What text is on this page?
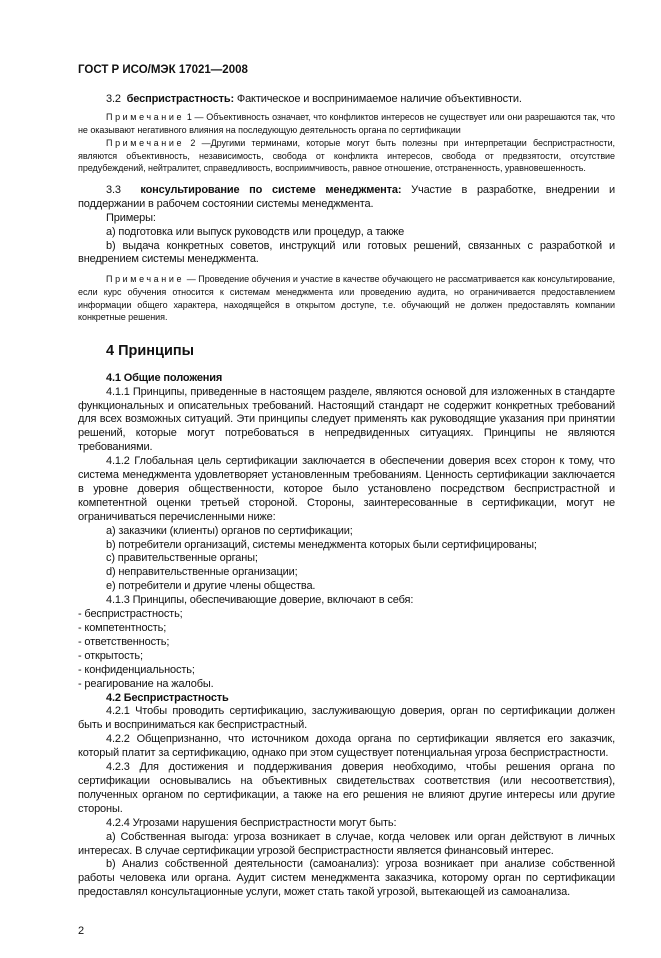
ГОСТ Р ИСО/МЭК 17021—2008

3.2 беспристрастность: Фактическое и воспринимаемое наличие объективности.

Примечание 1 — Объективность означает, что конфликтов интересов не существует или они разрешаются так, что не оказывают негативного влияния на последующую деятельность органа по сертификации

Примечание 2 —Другими терминами, которые могут быть полезны при интерпретации беспристрастности, являются объективность, независимость, свобода от конфликта интересов, свобода от предвзятости, отсутствие предубеждений, нейтралитет, справедливость, восприимчивость, равное отношение, отстраненность, уравновешенность.

3.3 консультирование по системе менеджмента: Участие в разработке, внедрении и поддержании в рабочем состоянии системы менеджмента.

Примеры:

a) подготовка или выпуск руководств или процедур, а также

b) выдача конкретных советов, инструкций или готовых решений, связанных с разработкой и внедрением системы менеджмента.

Примечание — Проведение обучения и участие в качестве обучающего не рассматривается как консультирование, если курс обучения относится к системам менеджмента или проведению аудита, но ограничивается предоставлением информации общего характера, находящейся в открытом доступе, т.е. обучающий не должен предоставлять компании конкретные решения.

4 Принципы

4.1 Общие положения

4.1.1 Принципы, приведенные в настоящем разделе, являются основой для изложенных в стандарте функциональных и описательных требований. Настоящий стандарт не содержит конкретных требований для всех возможных ситуаций. Эти принципы следует применять как руководящие указания при принятии решений, которые могут потребоваться в непредвиденных ситуациях. Принципы не являются требованиями.

4.1.2 Глобальная цель сертификации заключается в обеспечении доверия всех сторон к тому, что система менеджмента удовлетворяет установленным требованиям. Ценность сертификации заключается в уровне доверия общественности, которое было установлено посредством беспристрастной и компетентной оценки третьей стороной. Стороны, заинтересованные в сертификации, могут не ограничиваться перечисленными ниже:

a) заказчики (клиенты) органов по сертификации;

b) потребители организаций, системы менеджмента которых были сертифицированы;

c) правительственные органы;

d) неправительственные организации;

e) потребители и другие члены общества.

4.1.3 Принципы, обеспечивающие доверие, включают в себя:

- беспристрастность;

- компетентность;

- ответственность;

- открытость;

- конфиденциальность;

- реагирование на жалобы.

4.2 Беспристрастность

4.2.1 Чтобы проводить сертификацию, заслуживающую доверия, орган по сертификации должен быть и восприниматься как беспристрастный.

4.2.2 Общепризнанно, что источником дохода органа по сертификации является его заказчик, который платит за сертификацию, однако при этом существует потенциальная угроза беспристрастности.

4.2.3 Для достижения и поддерживания доверия необходимо, чтобы решения органа по сертификации основывались на объективных свидетельствах соответствия (или несоответствия), полученных органом по сертификации, а также на его решения не влияют другие интересы или другие стороны.

4.2.4 Угрозами нарушения беспристрастности могут быть:

a) Собственная выгода: угроза возникает в случае, когда человек или орган действуют в личных интересах. В случае сертификации угрозой беспристрастности является финансовый интерес.

b) Анализ собственной деятельности (самоанализ): угроза возникает при анализе собственной работы человека или органа. Аудит систем менеджмента заказчика, которому орган по сертификации предоставлял консультационные услуги, может стать такой угрозой, вытекающей из самоанализа.

2
